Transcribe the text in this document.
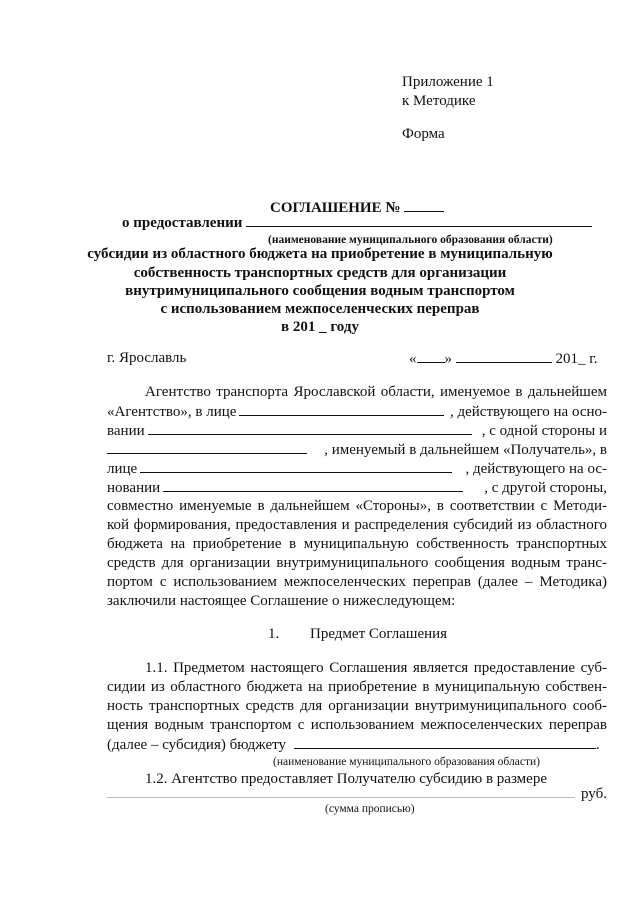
Приложение 1
к Методике
Форма
СОГЛАШЕНИЕ №
о предоставлении
(наименование муниципального образования области)
субсидии из областного бюджета на приобретение в муниципальную
собственность транспортных средств для организации
внутримуниципального сообщения водным транспортом
с использованием межпоселенческих переправ
в 201 _ году
г. Ярославль	« »	201_ г.
Агентство транспорта Ярославской области, именуемое в дальнейшем
«Агентство», в лице	, действующего на осно-
вании	, с одной стороны и
, именуемый в дальнейшем «Получатель», в
лице	, действующего на ос-
новании	, с другой стороны,
совместно именуемые в дальнейшем «Стороны», в соответствии с Методи-
кой формирования, предоставления и распределения субсидий из областного
бюджета на приобретение в муниципальную собственность транспортных
средств для организации внутримуниципального сообщения водным транс-
портом с использованием межпоселенческих переправ (далее – Методика)
заключили настоящее Соглашение о нижеследующем:
1. Предмет Соглашения
1.1. Предметом настоящего Соглашения является предоставление суб-
сидии из областного бюджета на приобретение в муниципальную собствен-
ность транспортных средств для организации внутримуниципального сооб-
щения водным транспортом с использованием межпоселенческих переправ
(далее – субсидия) бюджету	.
(наименование муниципального образования области)
1.2. Агентство предоставляет Получателю субсидию в размере
руб.
(сумма прописью)
